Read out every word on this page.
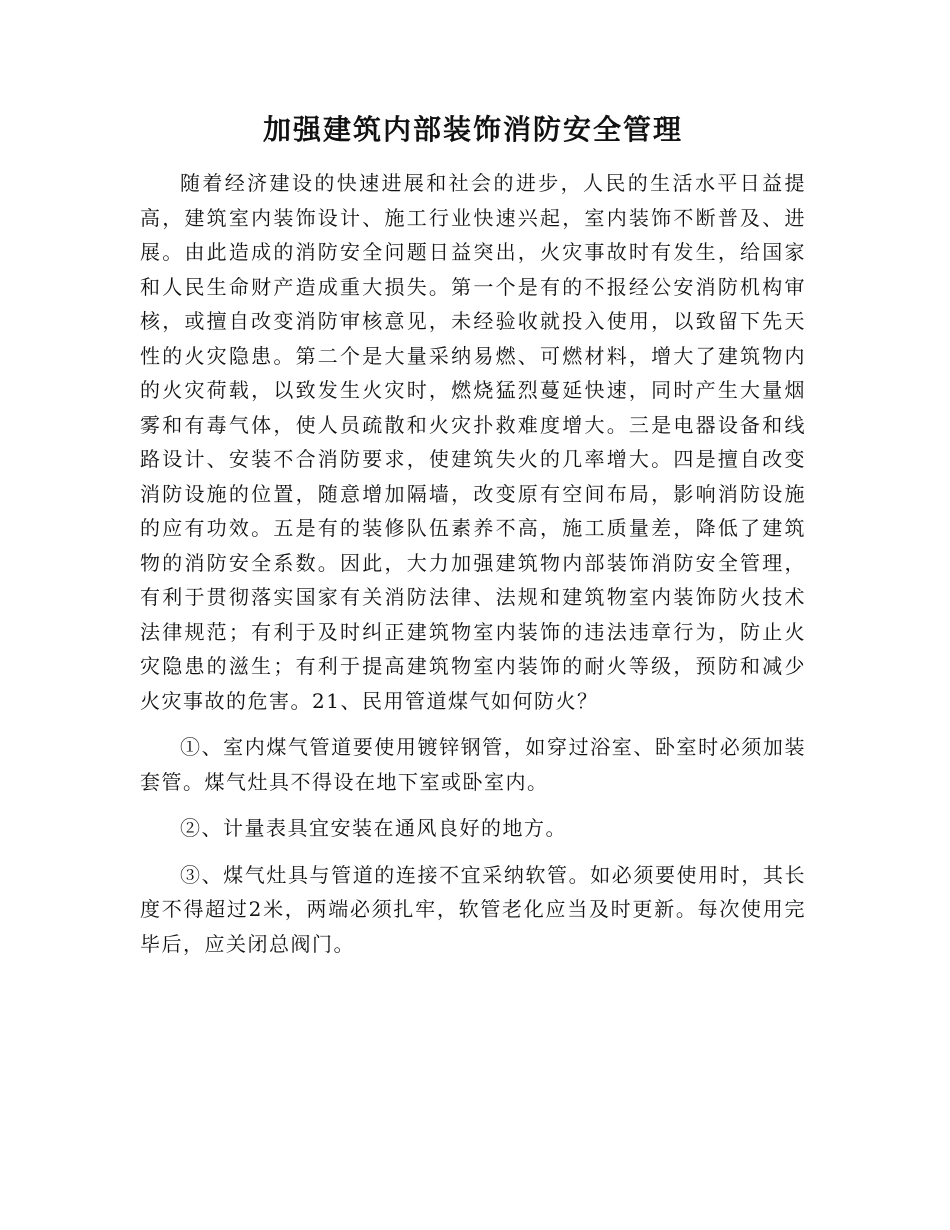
加强建筑内部装饰消防安全管理

随着经济建设的快速进展和社会的进步，人民的生活水平日益提高，建筑室内装饰设计、施工行业快速兴起，室内装饰不断普及、进展。由此造成的消防安全问题日益突出，火灾事故时有发生，给国家和人民生命财产造成重大损失。第一个是有的不报经公安消防机构审核，或擅自改变消防审核意见，未经验收就投入使用，以致留下先天性的火灾隐患。第二个是大量采纳易燃、可燃材料，增大了建筑物内的火灾荷载，以致发生火灾时，燃烧猛烈蔓延快速，同时产生大量烟雾和有毒气体，使人员疏散和火灾扑救难度增大。三是电器设备和线路设计、安装不合消防要求，使建筑失火的几率增大。四是擅自改变消防设施的位置，随意增加隔墙，改变原有空间布局，影响消防设施的应有功效。五是有的装修队伍素养不高，施工质量差，降低了建筑物的消防安全系数。因此，大力加强建筑物内部装饰消防安全管理，有利于贯彻落实国家有关消防法律、法规和建筑物室内装饰防火技术法律规范；有利于及时纠正建筑物室内装饰的违法违章行为，防止火灾隐患的滋生；有利于提高建筑物室内装饰的耐火等级，预防和减少火灾事故的危害。21、民用管道煤气如何防火？

①、室内煤气管道要使用镀锌钢管，如穿过浴室、卧室时必须加装套管。煤气灶具不得设在地下室或卧室内。

②、计量表具宜安装在通风良好的地方。

③、煤气灶具与管道的连接不宜采纳软管。如必须要使用时，其长度不得超过2米，两端必须扎牢，软管老化应当及时更新。每次使用完毕后，应关闭总阀门。
